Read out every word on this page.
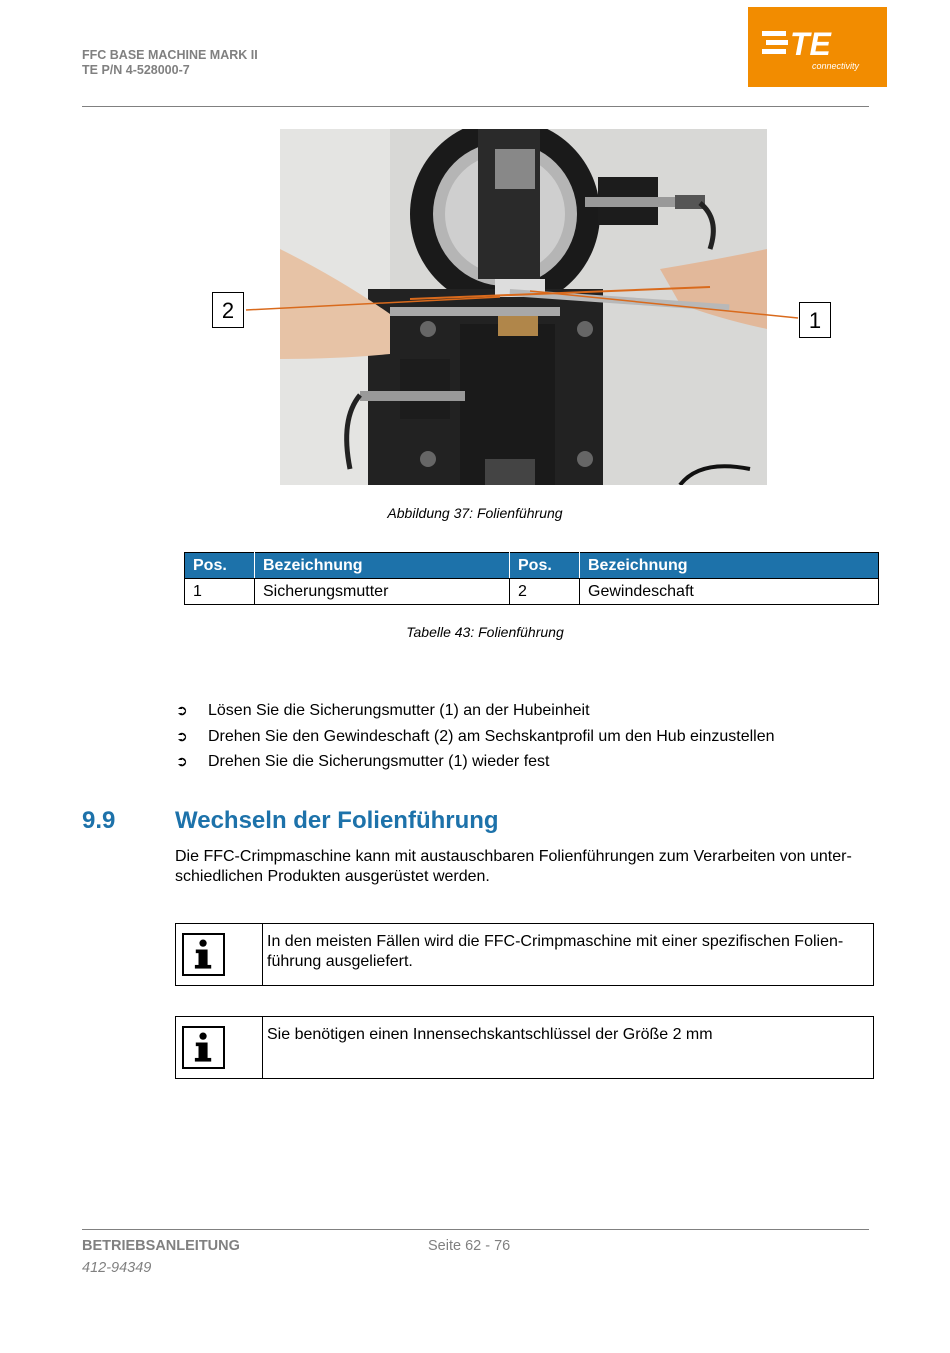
FFC BASE MACHINE MARK II
TE P/N 4-528000-7
TE
connectivity
2	1
Abbildung 37: Folienführung
Pos.	Bezeichnung	Pos.	Bezeichnung
1	Sicherungsmutter	2	Gewindeschaft
Tabelle 43: Folienführung
➲	Lösen Sie die Sicherungsmutter (1) an der Hubeinheit
➲	Drehen Sie den Gewindeschaft (2) am Sechskantprofil um den Hub einzustellen
➲	Drehen Sie die Sicherungsmutter (1) wieder fest
9.9 Wechseln der Folienführung
Die FFC-Crimpmaschine kann mit austauschbaren Folienführungen zum Verarbeiten von unter-
schiedlichen Produkten ausgerüstet werden.
In den meisten Fällen wird die FFC-Crimpmaschine mit einer spezifischen Folien-
führung ausgeliefert.
Sie benötigen einen Innensechskantschlüssel der Größe 2 mm
BETRIEBSANLEITUNG	Seite 62 - 76
412-94349
